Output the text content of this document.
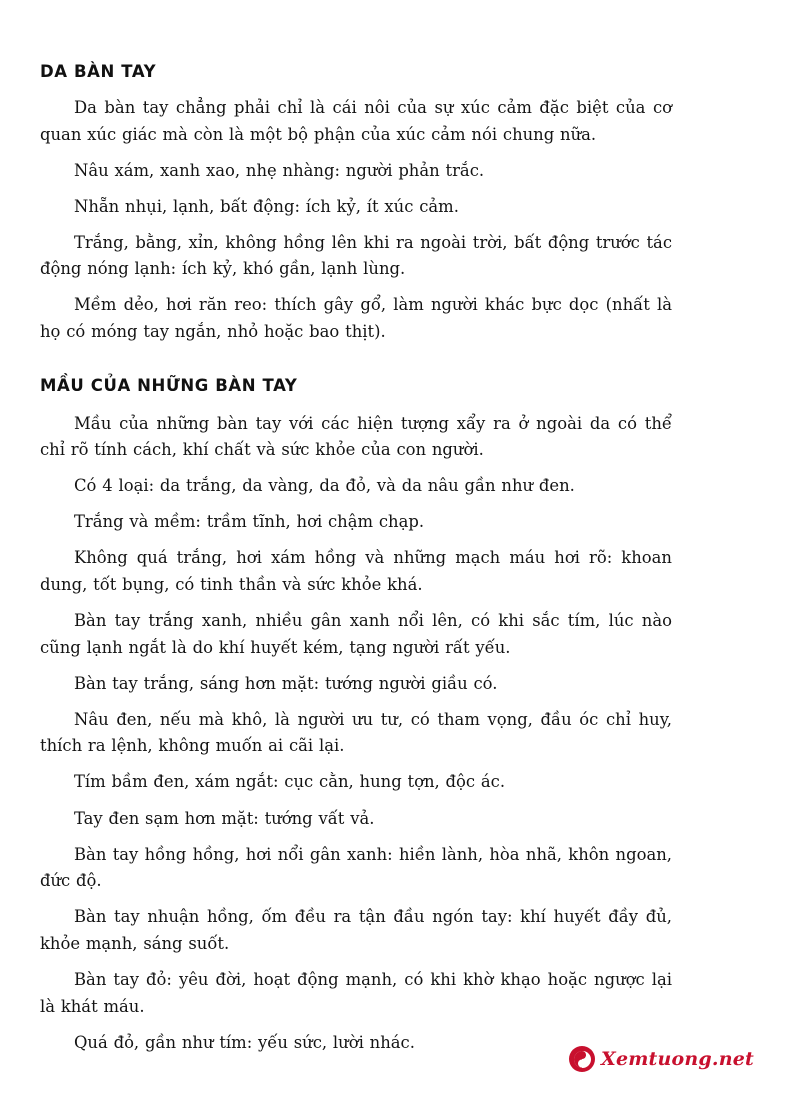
DA BÀN TAY

Da bàn tay chẳng phải chỉ là cái nôi của sự xúc cảm đặc biệt của cơ quan xúc giác mà còn là một bộ phận của xúc cảm nói chung nữa.

Nâu xám, xanh xao, nhẹ nhàng: người phản trắc.

Nhẵn nhụi, lạnh, bất động: ích kỷ, ít xúc cảm.

Trắng, bằng, xỉn, không hồng lên khi ra ngoài trời, bất động trước tác động nóng lạnh: ích kỷ, khó gần, lạnh lùng.

Mềm dẻo, hơi răn reo: thích gây gổ, làm người khác bực dọc (nhất là họ có móng tay ngắn, nhỏ hoặc bao thịt).

MẦU CỦA NHỮNG BÀN TAY

Mầu của những bàn tay với các hiện tượng xẩy ra ở ngoài da có thể chỉ rõ tính cách, khí chất và sức khỏe của con người.

Có 4 loại: da trắng, da vàng, da đỏ, và da nâu gần như đen.

Trắng và mềm: trầm tĩnh, hơi chậm chạp.

Không quá trắng, hơi xám hồng và những mạch máu hơi rõ: khoan dung, tốt bụng, có tinh thần và sức khỏe khá.

Bàn tay trắng xanh, nhiều gân xanh nổi lên, có khi sắc tím, lúc nào cũng lạnh ngắt là do khí huyết kém, tạng người rất yếu.

Bàn tay trắng, sáng hơn mặt: tướng người giầu có.

Nâu đen, nếu mà khô, là người ưu tư, có tham vọng, đầu óc chỉ huy, thích ra lệnh, không muốn ai cãi lại.

Tím bầm đen, xám ngắt: cục cằn, hung tợn, độc ác.

Tay đen sạm hơn mặt: tướng vất vả.

Bàn tay hồng hồng, hơi nổi gân xanh: hiền lành, hòa nhã, khôn ngoan, đức độ.

Bàn tay nhuận hồng, ốm đều ra tận đầu ngón tay: khí huyết đầy đủ, khỏe mạnh, sáng suốt.

Bàn tay đỏ: yêu đời, hoạt động mạnh, có khi khờ khạo hoặc ngược lại là khát máu.

Quá đỏ, gần như tím: yếu sức, lười nhác.

Xemtuong.net
